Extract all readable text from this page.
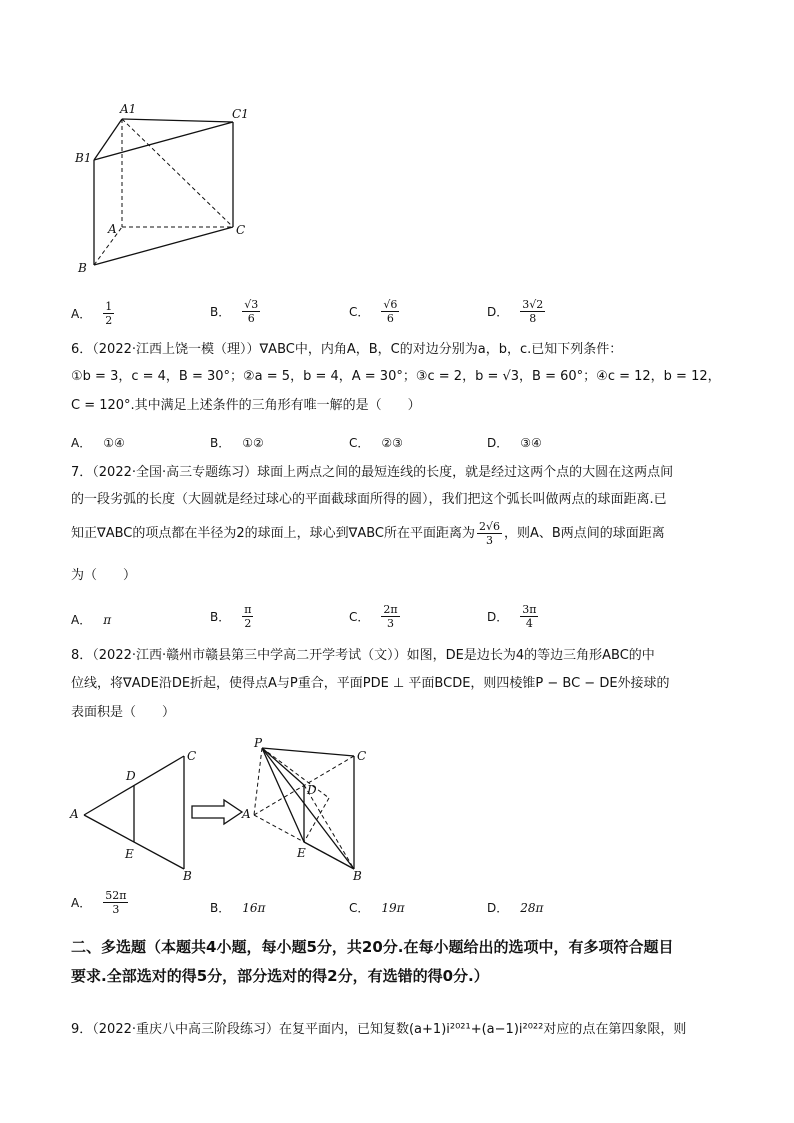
A1	C1
B1
A	C
B
A． $\frac{1}{2}$	B． $\frac{√3}{6}$	C． $\frac{√6}{6}$	D． $\frac{3√2}{8}$
6．（2022·江西上饶一模（理））∇ABC中，内角A，B，C的对边分别为a，b，c.已知下列条件：
①b = 3，c = 4，B = 30°；②a = 5，b = 4，A = 30°；③c = 2，b = √3，B = 60°；④c = 12，b = 12，
C = 120°.其中满足上述条件的三角形有唯一解的是（　　）
A． ①④	B． ①②	C． ②③	D． ③④
7．（2022·全国·高三专题练习）球面上两点之间的最短连线的长度，就是经过这两个点的大圆在这两点间
的一段劣弧的长度（大圆就是经过球心的平面截球面所得的圆），我们把这个弧长叫做两点的球面距离.已
知正∇ABC的项点都在半径为2的球面上，球心到∇ABC所在平面距离为 $\frac{2√6}{3}$ ，则A、B两点间的球面距离
为（　　）
A． π	B． $\frac{\pi}{2}$	C． $\frac{2\pi}{3}$	D． $\frac{3\pi}{4}$
8．（2022·江西·赣州市赣县第三中学高二开学考试（文））如图，DE是边长为4的等边三角形ABC的中
位线，将∇ADE沿DE折起，使得点A与P重合，平面PDE ⊥ 平面BCDE，则四棱锥P − BC − DE外接球的
表面积是（　　）
C
D
A
E
B
P
C
D
A
E
B
A． $\frac{52\pi}{3}$	B． 16π	C． 19π	D． 28π
二、多选题（本题共4小题，每小题5分，共20分.在每小题给出的选项中，有多项符合题目
要求.全部选对的得5分，部分选对的得2分，有选错的得0分.）
9．（2022·重庆八中高三阶段练习）在复平面内，已知复数(a+1)i²⁰²¹+(a−1)i²⁰²²对应的点在第四象限，则
